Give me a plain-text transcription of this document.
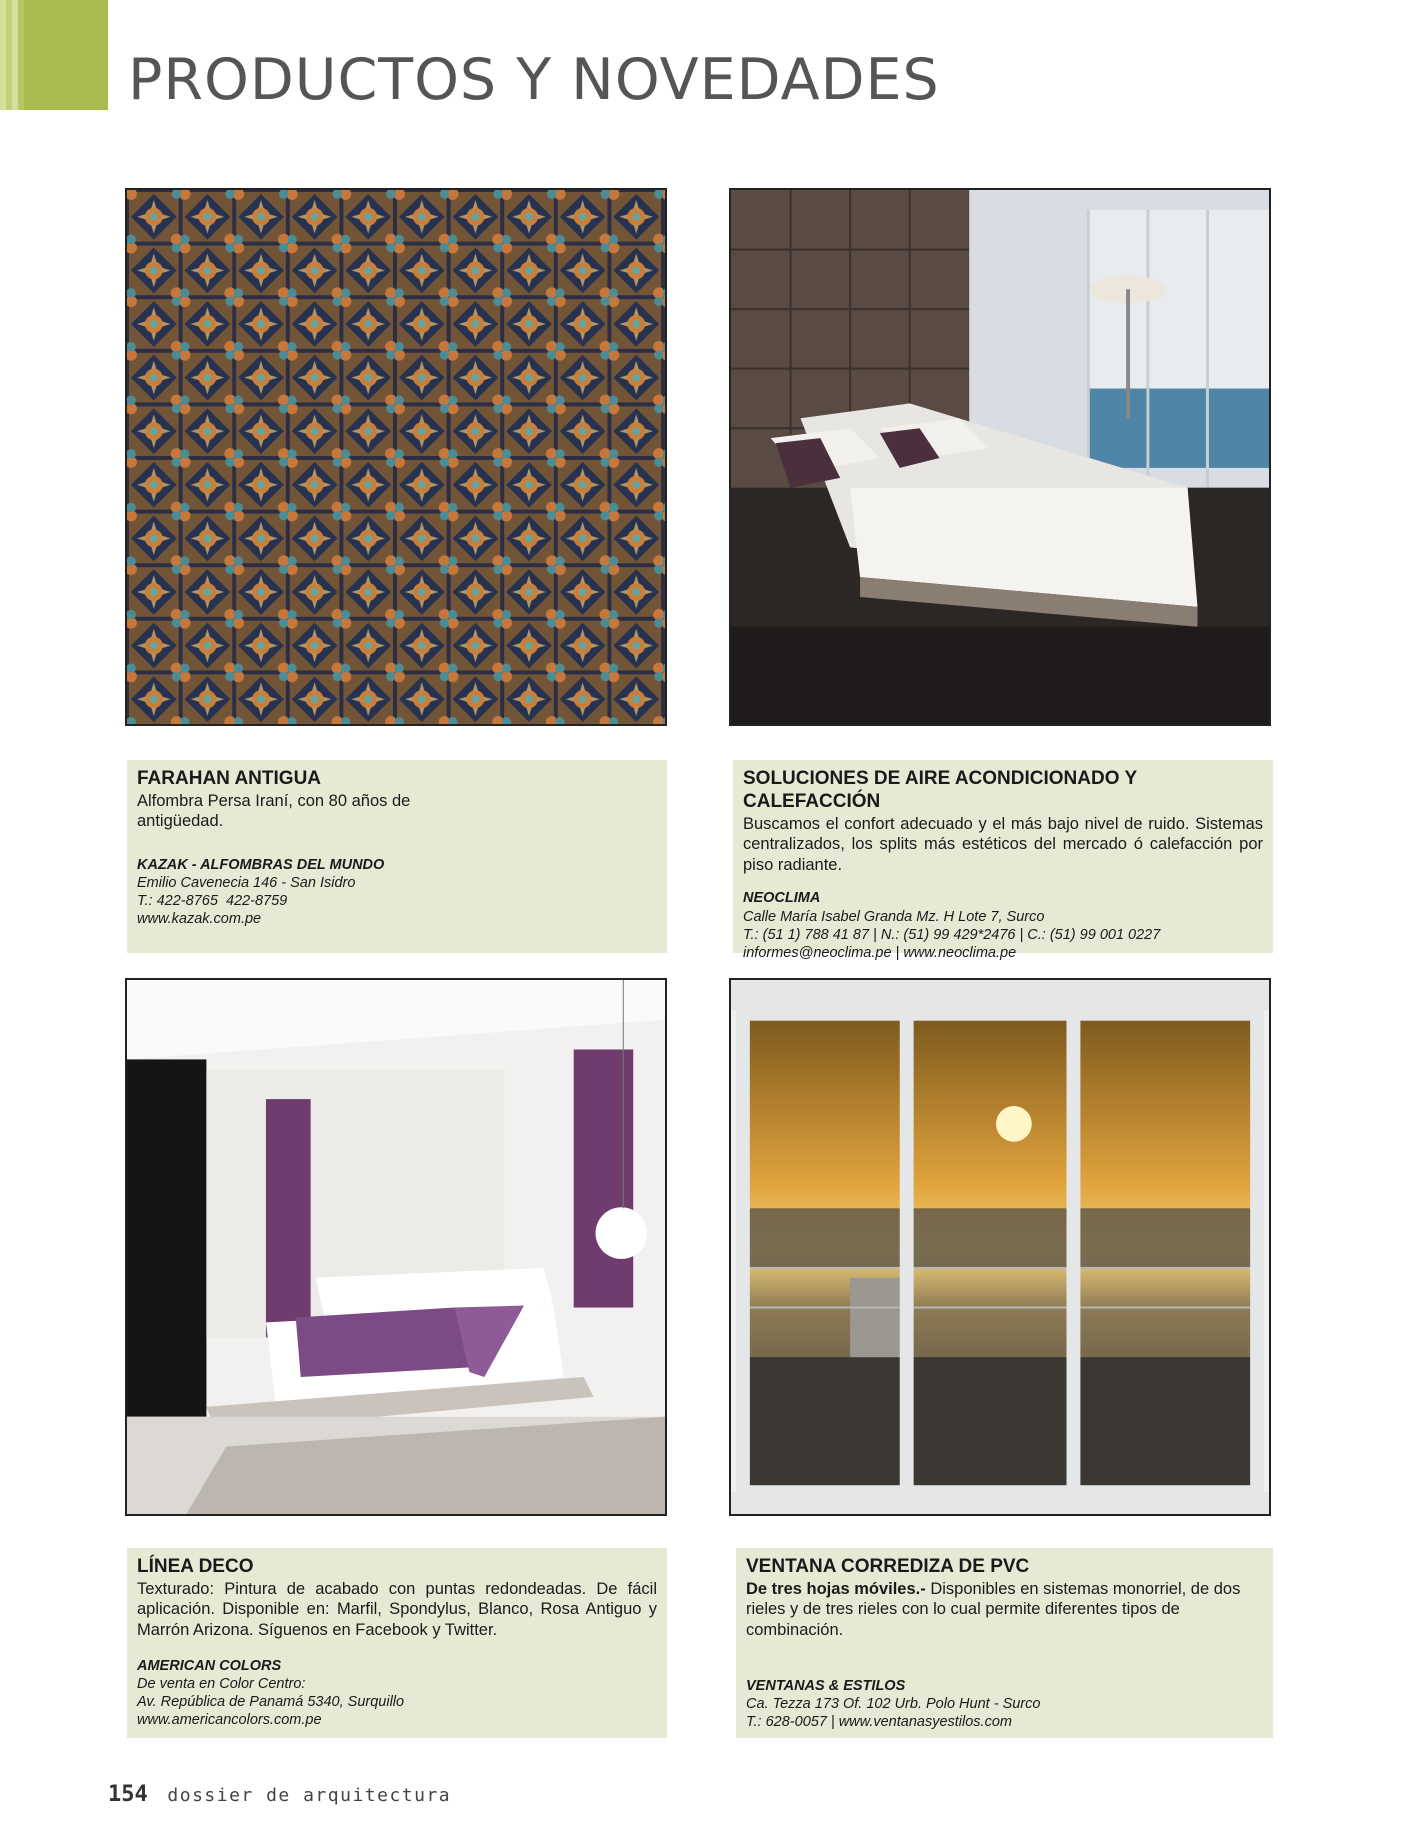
PRODUCTOS Y NOVEDADES
FARAHAN ANTIGUA

Alfombra Persa Iraní, con 80 años de antigüedad.

KAZAK - ALFOMBRAS DEL MUNDO

Emilio Cavenecia 146 - San Isidro

T.: 422-8765  422-8759

www.kazak.com.pe

SOLUCIONES DE AIRE ACONDICIONADO Y CALEFACCIÓN

Buscamos el confort adecuado y el más bajo nivel de ruido. Sistemas centralizados, los splits más estéticos del mercado ó calefacción por piso radiante.

NEOCLIMA

Calle María Isabel Granda Mz. H Lote 7, Surco

T.: (51 1) 788 41 87 | N.: (51) 99 429*2476 | C.: (51) 99 001 0227

informes@neoclima.pe | www.neoclima.pe

LÍNEA DECO

Texturado: Pintura de acabado con puntas redondeadas. De fácil aplicación. Disponible en: Marfil, Spondylus, Blanco, Rosa Antiguo y Marrón Arizona. Síguenos en Facebook y Twitter.

AMERICAN COLORS

De venta en Color Centro:

Av. República de Panamá 5340, Surquillo

www.americancolors.com.pe

VENTANA CORREDIZA DE PVC

De tres hojas móviles.- Disponibles en sistemas monorriel, de dos rieles y de tres rieles con lo cual permite diferentes tipos de combinación.

VENTANAS & ESTILOS

Ca. Tezza 173 Of. 102 Urb. Polo Hunt - Surco

T.: 628-0057 | www.ventanasyestilos.com

154 dossier de arquitectura
